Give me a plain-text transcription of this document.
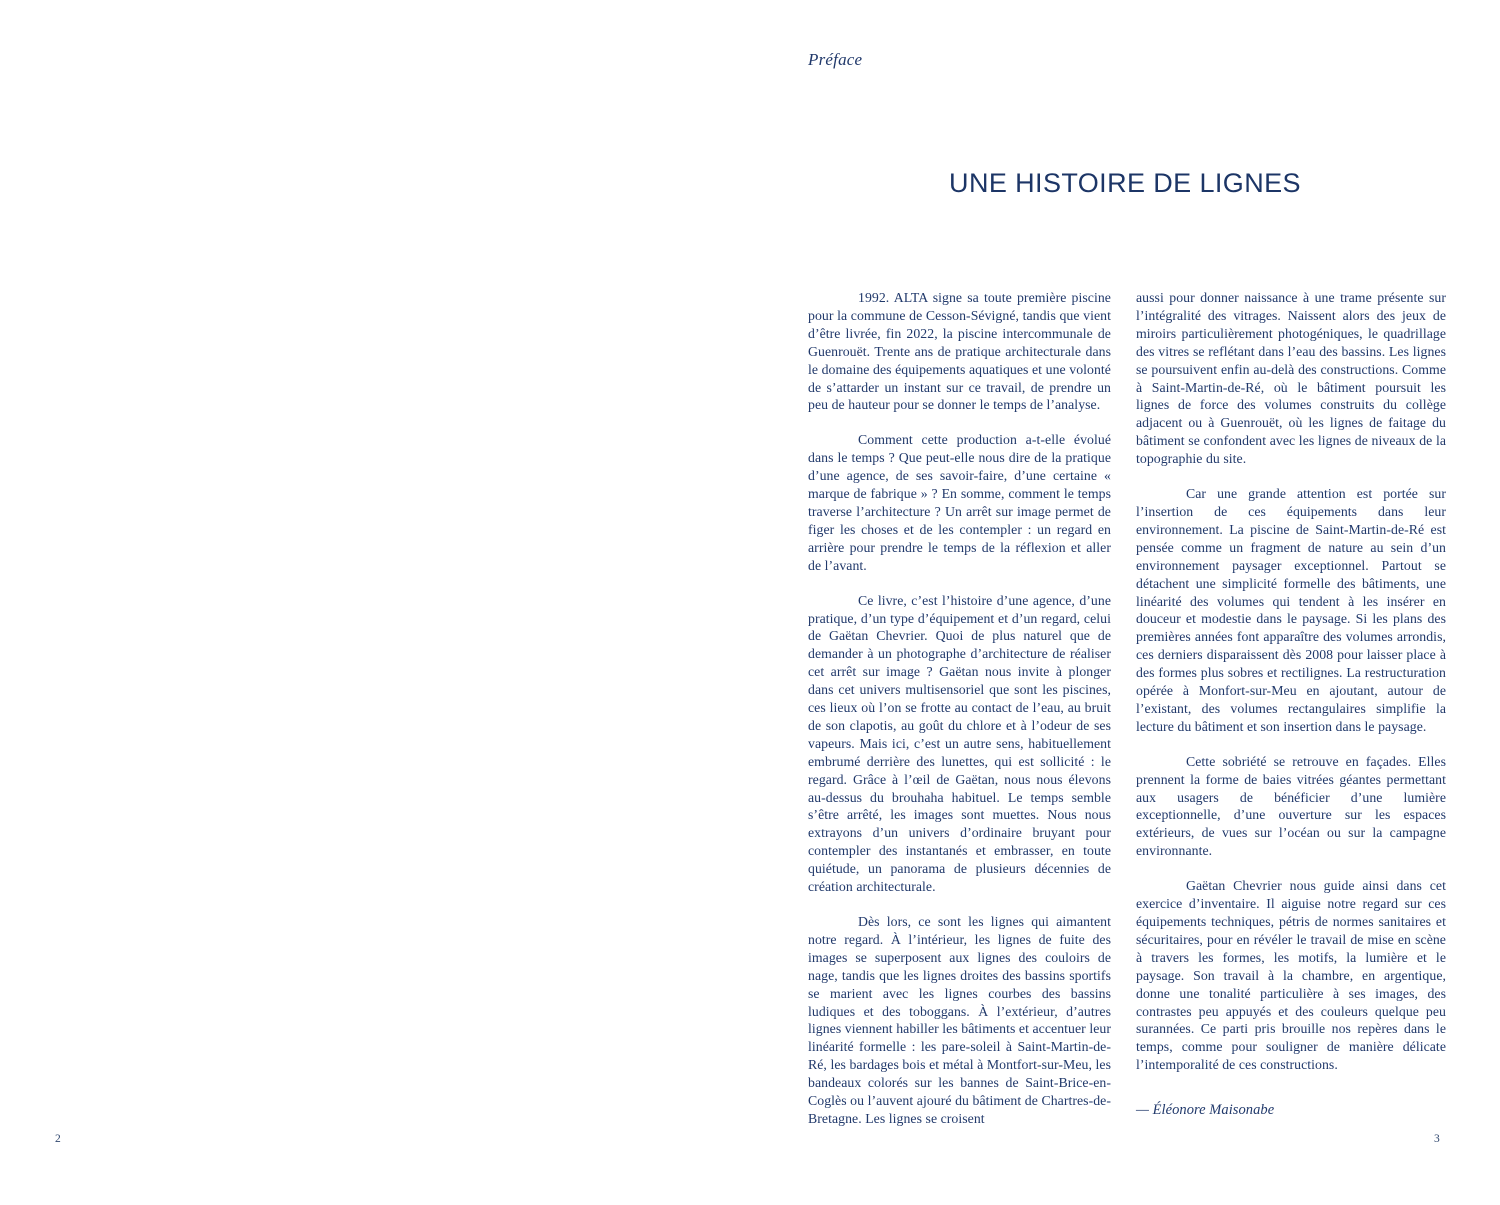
2
Préface
UNE HISTOIRE DE LIGNES

1992. ALTA signe sa toute première piscine pour la commune de Cesson-Sévigné, tandis que vient d’être livrée, fin 2022, la piscine intercommunale de Guenrouët. Trente ans de pratique architecturale dans le domaine des équipements aquatiques et une volonté de s’attarder un instant sur ce travail, de prendre un peu de hauteur pour se donner le temps de l’analyse.

Comment cette production a-t-elle évolué dans le temps ? Que peut-elle nous dire de la pratique d’une agence, de ses savoir-faire, d’une certaine « marque de fabrique » ? En somme, comment le temps traverse l’architecture ? Un arrêt sur image permet de figer les choses et de les contempler : un regard en arrière pour prendre le temps de la réflexion et aller de l’avant.

Ce livre, c’est l’histoire d’une agence, d’une pratique, d’un type d’équipement et d’un regard, celui de Gaëtan Chevrier. Quoi de plus naturel que de demander à un photographe d’architecture de réaliser cet arrêt sur image ? Gaëtan nous invite à plonger dans cet univers multisensoriel que sont les piscines, ces lieux où l’on se frotte au contact de l’eau, au bruit de son clapotis, au goût du chlore et à l’odeur de ses vapeurs. Mais ici, c’est un autre sens, habituellement embrumé derrière des lunettes, qui est sollicité : le regard. Grâce à l’œil de Gaëtan, nous nous élevons au-dessus du brouhaha habituel. Le temps semble s’être arrêté, les images sont muettes. Nous nous extrayons d’un univers d’ordinaire bruyant pour contempler des instantanés et embrasser, en toute quiétude, un panorama de plusieurs décennies de création architecturale.

Dès lors, ce sont les lignes qui aimantent notre regard. À l’intérieur, les lignes de fuite des images se superposent aux lignes des couloirs de nage, tandis que les lignes droites des bassins sportifs se marient avec les lignes courbes des bassins ludiques et des toboggans. À l’extérieur, d’autres lignes viennent habiller les bâtiments et accentuer leur linéarité formelle : les pare-soleil à Saint-Martin-de-Ré, les bardages bois et métal à Montfort-sur-Meu, les bandeaux colorés sur les bannes de Saint-Brice-en-Coglès ou l’auvent ajouré du bâtiment de Chartres-de-Bretagne. Les lignes se croisent

aussi pour donner naissance à une trame présente sur l’intégralité des vitrages. Naissent alors des jeux de miroirs particulièrement photogéniques, le quadrillage des vitres se reflétant dans l’eau des bassins. Les lignes se poursuivent enfin au-delà des constructions. Comme à Saint-Martin-de-Ré, où le bâtiment poursuit les lignes de force des volumes construits du collège adjacent ou à Guenrouët, où les lignes de faitage du bâtiment se confondent avec les lignes de niveaux de la topographie du site.

Car une grande attention est portée sur l’insertion de ces équipements dans leur environnement. La piscine de Saint-Martin-de-Ré est pensée comme un fragment de nature au sein d’un environnement paysager exceptionnel. Partout se détachent une simplicité formelle des bâtiments, une linéarité des volumes qui tendent à les insérer en douceur et modestie dans le paysage. Si les plans des premières années font apparaître des volumes arrondis, ces derniers disparaissent dès 2008 pour laisser place à des formes plus sobres et rectilignes. La restructuration opérée à Monfort-sur-Meu en ajoutant, autour de l’existant, des volumes rectangulaires simplifie la lecture du bâtiment et son insertion dans le paysage.

Cette sobriété se retrouve en façades. Elles prennent la forme de baies vitrées géantes permettant aux usagers de bénéficier d’une lumière exceptionnelle, d’une ouverture sur les espaces extérieurs, de vues sur l’océan ou sur la campagne environnante.

Gaëtan Chevrier nous guide ainsi dans cet exercice d’inventaire. Il aiguise notre regard sur ces équipements techniques, pétris de normes sanitaires et sécuritaires, pour en révéler le travail de mise en scène à travers les formes, les motifs, la lumière et le paysage. Son travail à la chambre, en argentique, donne une tonalité particulière à ses images, des contrastes peu appuyés et des couleurs quelque peu surannées. Ce parti pris brouille nos repères dans le temps, comme pour souligner de manière délicate l’intemporalité de ces constructions.

— Éléonore Maisonabe
3
